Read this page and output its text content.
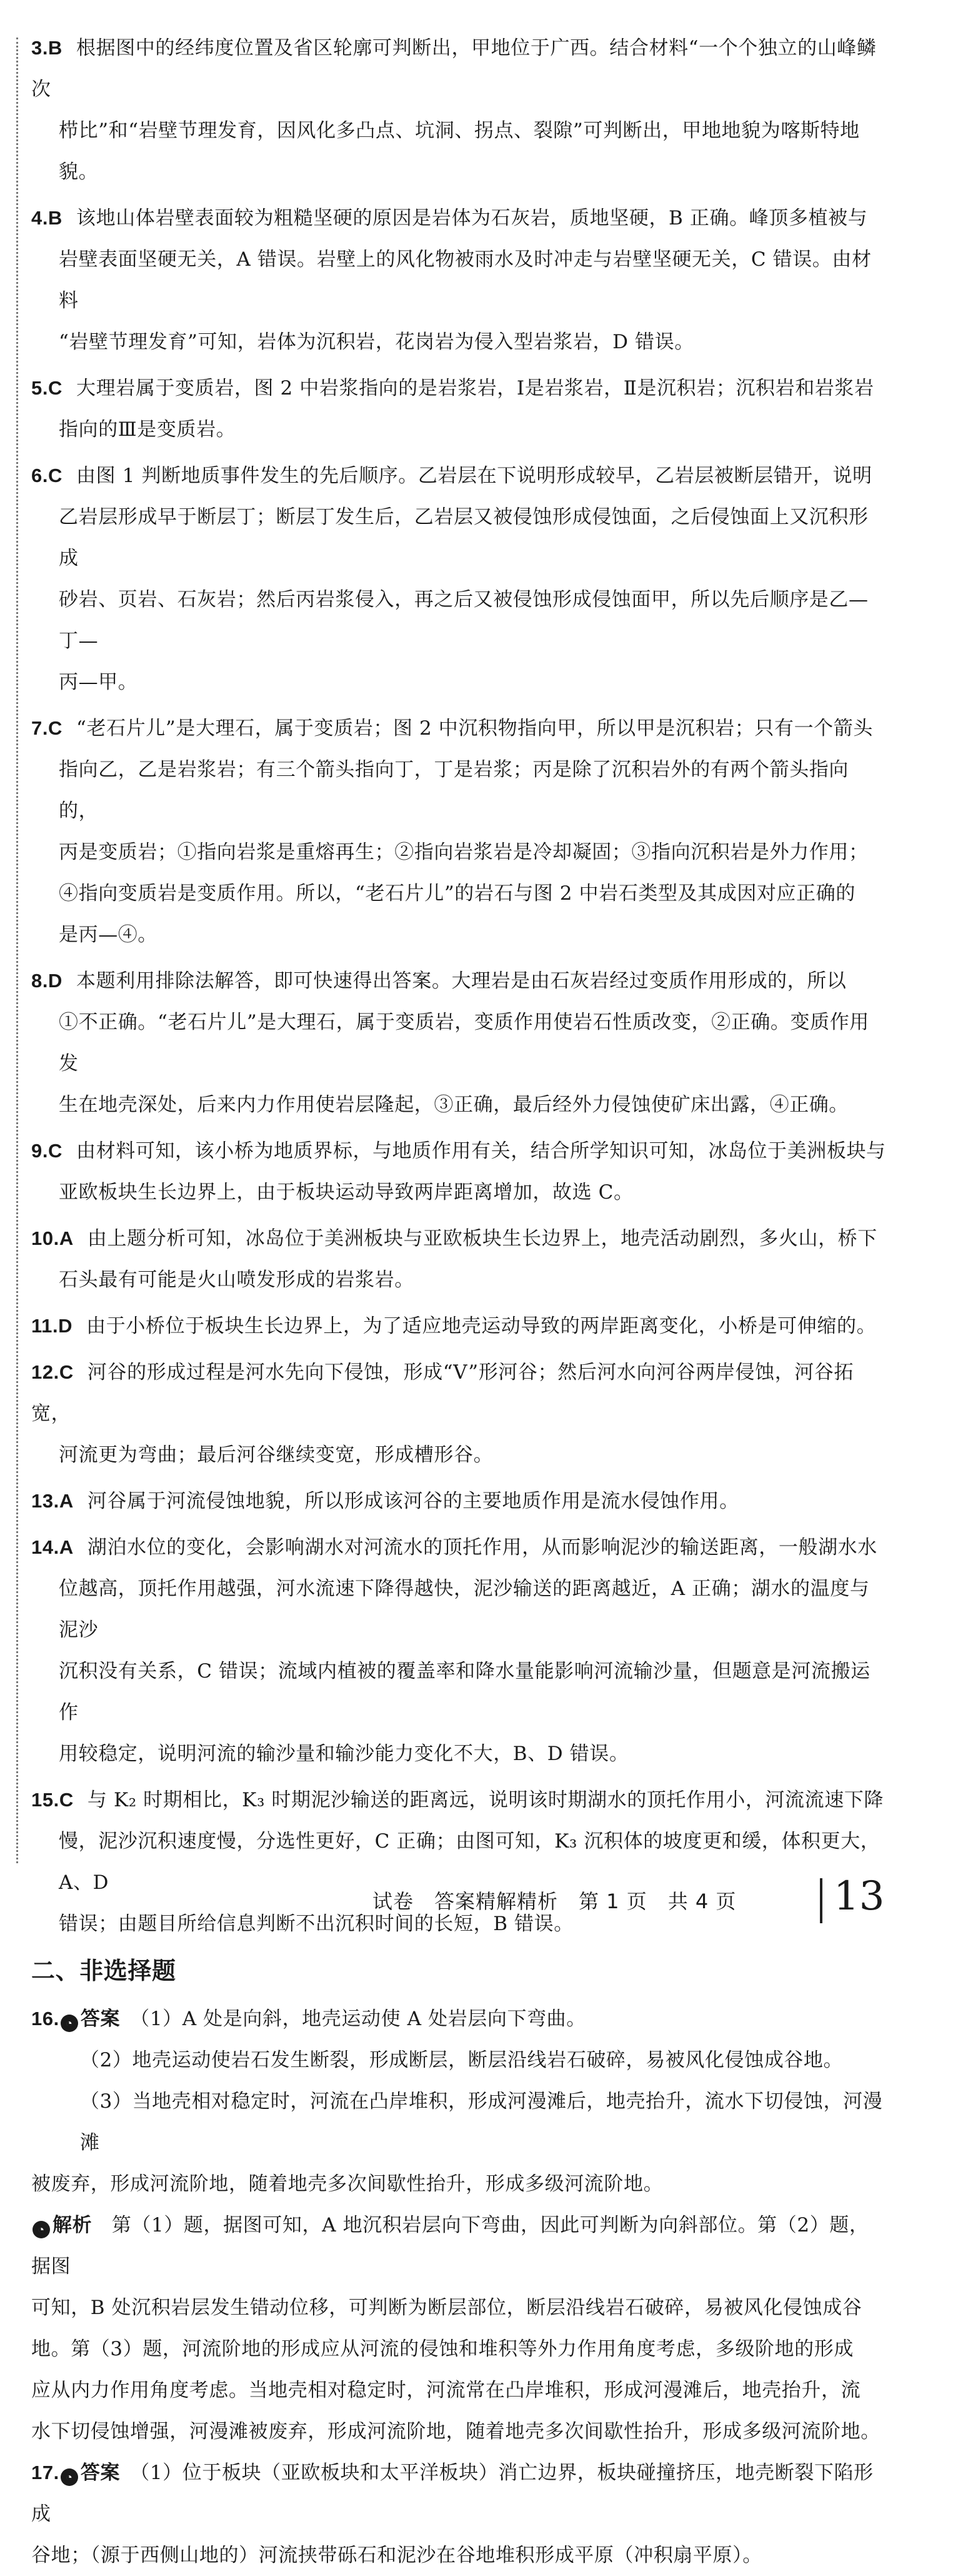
3.B 根据图中的经纬度位置及省区轮廓可判断出，甲地位于广西。结合材料“一个个独立的山峰鳞次

栉比”和“岩壁节理发育，因风化多凸点、坑洞、拐点、裂隙”可判断出，甲地地貌为喀斯特地貌。

4.B 该地山体岩壁表面较为粗糙坚硬的原因是岩体为石灰岩，质地坚硬，B 正确。峰顶多植被与

岩壁表面坚硬无关，A 错误。岩壁上的风化物被雨水及时冲走与岩壁坚硬无关，C 错误。由材料

“岩壁节理发育”可知，岩体为沉积岩，花岗岩为侵入型岩浆岩，D 错误。

5.C 大理岩属于变质岩，图 2 中岩浆指向的是岩浆岩，Ⅰ是岩浆岩，Ⅱ是沉积岩；沉积岩和岩浆岩

指向的Ⅲ是变质岩。

6.C 由图 1 判断地质事件发生的先后顺序。乙岩层在下说明形成较早，乙岩层被断层错开，说明

乙岩层形成早于断层丁；断层丁发生后，乙岩层又被侵蚀形成侵蚀面，之后侵蚀面上又沉积形成

砂岩、页岩、石灰岩；然后丙岩浆侵入，再之后又被侵蚀形成侵蚀面甲，所以先后顺序是乙—丁—

丙—甲。

7.C “老石片儿”是大理石，属于变质岩；图 2 中沉积物指向甲，所以甲是沉积岩；只有一个箭头

指向乙，乙是岩浆岩；有三个箭头指向丁，丁是岩浆；丙是除了沉积岩外的有两个箭头指向的，

丙是变质岩；①指向岩浆是重熔再生；②指向岩浆岩是冷却凝固；③指向沉积岩是外力作用；

④指向变质岩是变质作用。所以，“老石片儿”的岩石与图 2 中岩石类型及其成因对应正确的

是丙—④。

8.D 本题利用排除法解答，即可快速得出答案。大理岩是由石灰岩经过变质作用形成的，所以

①不正确。“老石片儿”是大理石，属于变质岩，变质作用使岩石性质改变，②正确。变质作用发

生在地壳深处，后来内力作用使岩层隆起，③正确，最后经外力侵蚀使矿床出露，④正确。

9.C 由材料可知，该小桥为地质界标，与地质作用有关，结合所学知识可知，冰岛位于美洲板块与

亚欧板块生长边界上，由于板块运动导致两岸距离增加，故选 C。

10.A 由上题分析可知，冰岛位于美洲板块与亚欧板块生长边界上，地壳活动剧烈，多火山，桥下

石头最有可能是火山喷发形成的岩浆岩。

11.D 由于小桥位于板块生长边界上，为了适应地壳运动导致的两岸距离变化，小桥是可伸缩的。

12.C 河谷的形成过程是河水先向下侵蚀，形成“V”形河谷；然后河水向河谷两岸侵蚀，河谷拓宽，

河流更为弯曲；最后河谷继续变宽，形成槽形谷。

13.A 河谷属于河流侵蚀地貌，所以形成该河谷的主要地质作用是流水侵蚀作用。

14.A 湖泊水位的变化，会影响湖水对河流水的顶托作用，从而影响泥沙的输送距离，一般湖水水

位越高，顶托作用越强，河水流速下降得越快，泥沙输送的距离越近，A 正确；湖水的温度与泥沙

沉积没有关系，C 错误；流域内植被的覆盖率和降水量能影响河流输沙量，但题意是河流搬运作

用较稳定，说明河流的输沙量和输沙能力变化不大，B、D 错误。

15.C 与 K₂ 时期相比，K₃ 时期泥沙输送的距离远，说明该时期湖水的顶托作用小，河流流速下降

慢，泥沙沉积速度慢，分选性更好，C 正确；由图可知，K₃ 沉积体的坡度更和缓，体积更大，A、D

错误；由题目所给信息判断不出沉积时间的长短，B 错误。

二、非选择题

16. ◔ 答案　 （1）A 处是向斜，地壳运动使 A 处岩层向下弯曲。

（2）地壳运动使岩石发生断裂，形成断层，断层沿线岩石破碎，易被风化侵蚀成谷地。

（3）当地壳相对稳定时，河流在凸岸堆积，形成河漫滩后，地壳抬升，流水下切侵蚀，河漫滩

被废弃，形成河流阶地，随着地壳多次间歇性抬升，形成多级河流阶地。

◔ 解析　 第（1）题，据图可知，A 地沉积岩层向下弯曲，因此可判断为向斜部位。第（2）题，据图

可知，B 处沉积岩层发生错动位移，可判断为断层部位，断层沿线岩石破碎，易被风化侵蚀成谷

地。第（3）题，河流阶地的形成应从河流的侵蚀和堆积等外力作用角度考虑，多级阶地的形成

应从内力作用角度考虑。当地壳相对稳定时，河流常在凸岸堆积，形成河漫滩后，地壳抬升，流

水下切侵蚀增强，河漫滩被废弃，形成河流阶地，随着地壳多次间歇性抬升，形成多级河流阶地。

17. ◔ 答案　 （1）位于板块（亚欧板块和太平洋板块）消亡边界，板块碰撞挤压，地壳断裂下陷形成

谷地；（源于西侧山地的）河流挟带砾石和泥沙在谷地堆积形成平原（冲积扇平原）。

试卷　答案精解精析　第 1 页　共 4 页 13
